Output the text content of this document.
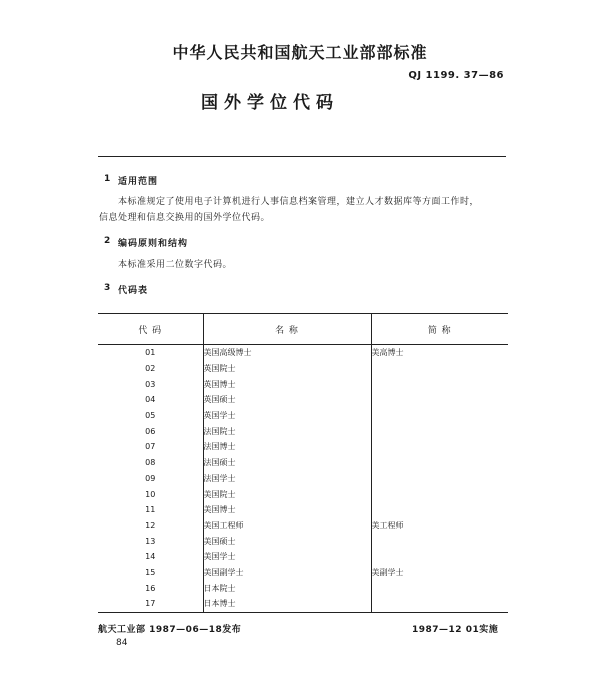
中华人民共和国航天工业部部标准
QJ 1199. 37—86
国外学位代码
1 适用范围
本标准规定了使用电子计算机进行人事信息档案管理，建立人才数据库等方面工作时，
信息处理和信息交换用的国外学位代码。
2 编码原则和结构
本标准采用二位数字代码。
3 代码表
代 码	名 称	简 称
01	美国高级博士	美高博士
02	英国院士	
03	英国博士	
04	英国硕士	
05	英国学士	
06	法国院士	
07	法国博士	
08	法国硕士	
09	法国学士	
10	美国院士	
11	美国博士	
12	美国工程师	美工程师
13	美国硕士	
14	美国学士	
15	美国副学士	美副学士
16	日本院士	
17	日本博士	
航天工业部 1987—06—18发布	1987—12 01实施
84
